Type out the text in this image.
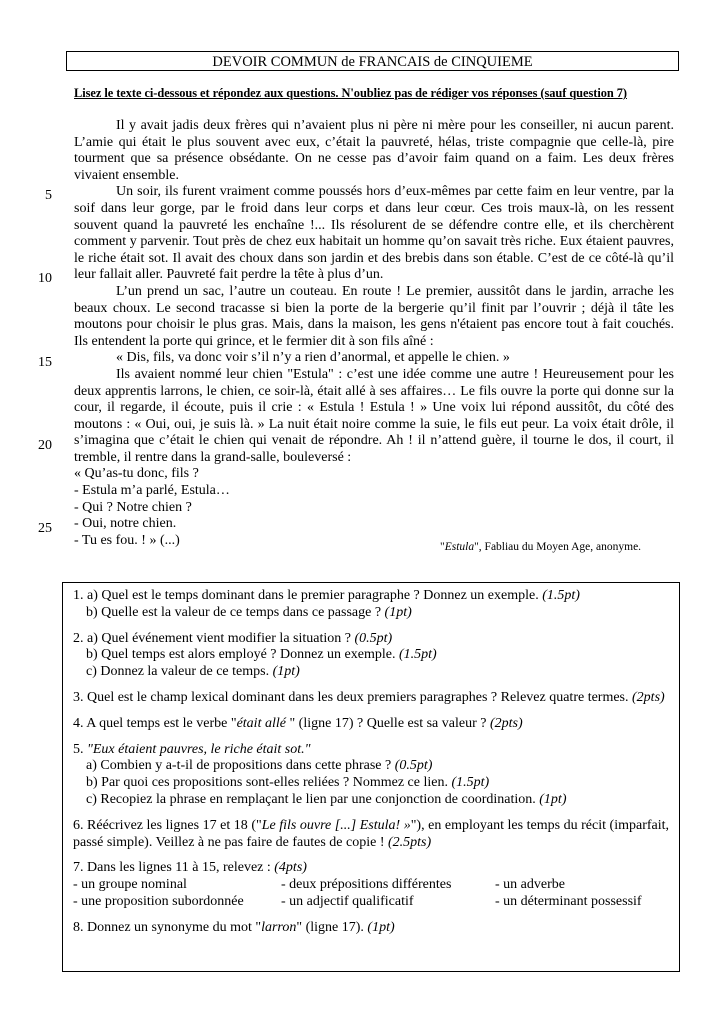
DEVOIR COMMUN de FRANCAIS de CINQUIEME
Lisez le texte ci-dessous et répondez aux questions. N'oubliez pas de rédiger vos réponses (sauf question 7)
5
10
15
20
25

Il y avait jadis deux frères qui n’avaient plus ni père ni mère pour les conseiller, ni aucun parent. L’amie qui était le plus souvent avec eux, c’était la pauvreté, hélas, triste compagnie que celle-là, pire tourment que sa présence obsédante. On ne cesse pas d’avoir faim quand on a faim. Les deux frères vivaient ensemble.

Un soir, ils furent vraiment comme poussés hors d’eux-mêmes par cette faim en leur ventre, par la soif dans leur gorge, par le froid dans leur corps et dans leur cœur. Ces trois maux-là, on les ressent souvent quand la pauvreté les enchaîne !... Ils résolurent de se défendre contre elle, et ils cherchèrent comment y parvenir. Tout près de chez eux habitait un homme qu’on savait très riche. Eux étaient pauvres, le riche était sot. Il avait des choux dans son jardin et des brebis dans son étable. C’est de ce côté-là qu’il leur fallait aller. Pauvreté fait perdre la tête à plus d’un.

L’un prend un sac, l’autre un couteau. En route ! Le premier, aussitôt dans le jardin, arrache les beaux choux. Le second tracasse si bien la porte de la bergerie qu’il finit par l’ouvrir ; déjà il tâte les moutons pour choisir le plus gras. Mais, dans la maison, les gens n'étaient pas encore tout à fait couchés. Ils entendent la porte qui grince, et le fermier dit à son fils aîné :

« Dis, fils, va donc voir s’il n’y a rien d’anormal, et appelle le chien. »

Ils avaient nommé leur chien "Estula" : c’est une idée comme une autre ! Heureusement pour les deux apprentis larrons, le chien, ce soir-là, était allé à ses affaires… Le fils ouvre la porte qui donne sur la cour, il regarde, il écoute, puis il crie : « Estula ! Estula ! » Une voix lui répond aussitôt, du côté des moutons : « Oui, oui, je suis là. » La nuit était noire comme la suie, le fils eut peur. La voix était drôle, il s’imagina que c’était le chien qui venait de répondre. Ah ! il n’attend guère, il tourne le dos, il court, il tremble, il rentre dans la grand-salle, bouleversé :

« Qu’as-tu donc, fils ?

- Estula m’a parlé, Estula…

- Qui ? Notre chien ?

- Oui, notre chien.

- Tu es fou. ! » (...)	"Estula", Fabliau du Moyen Age, anonyme.
1. a) Quel est le temps dominant dans le premier paragraphe ? Donnez un exemple. (1.5pt)
b) Quelle est la valeur de ce temps dans ce passage ? (1pt)
2. a) Quel événement vient modifier la situation ? (0.5pt)
b) Quel temps est alors employé ? Donnez un exemple. (1.5pt)
c) Donnez la valeur de ce temps. (1pt)
3. Quel est le champ lexical dominant dans les deux premiers paragraphes ? Relevez quatre termes. (2pts)
4. A quel temps est le verbe "était allé " (ligne 17) ? Quelle est sa valeur ? (2pts)
5. "Eux étaient pauvres, le riche était sot."
a) Combien y a-t-il de propositions dans cette phrase ? (0.5pt)
b) Par quoi ces propositions sont-elles reliées ? Nommez ce lien. (1.5pt)
c) Recopiez la phrase en remplaçant le lien par une conjonction de coordination. (1pt)
6. Réécrivez les lignes 17 et 18 ("Le fils ouvre [...] Estula! »"), en employant les temps du récit (imparfait, passé simple). Veillez à ne pas faire de fautes de copie ! (2.5pts)
7. Dans les lignes 11 à 15, relevez : (4pts)
- un groupe nominal	- deux prépositions différentes	- un adverbe
- une proposition subordonnée	- un adjectif qualificatif	- un déterminant possessif
8. Donnez un synonyme du mot "larron" (ligne 17). (1pt)
